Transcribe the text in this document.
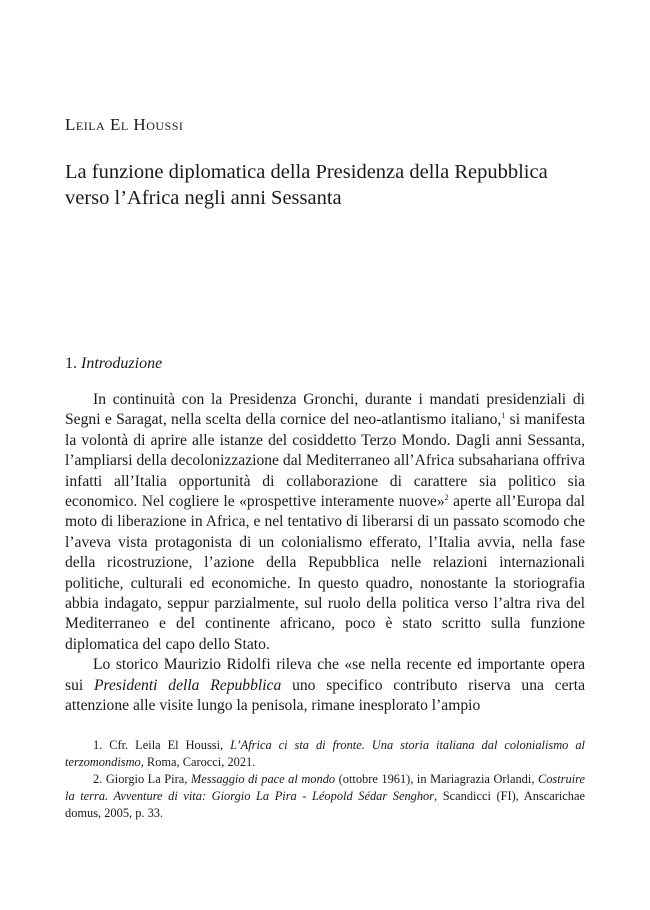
Leila El Houssi
La funzione diplomatica della Presidenza della Repubblica
verso l’Africa negli anni Sessanta
1. Introduzione

In continuità con la Presidenza Gronchi, durante i mandati presidenziali di Segni e Saragat, nella scelta della cornice del neo-atlantismo italiano,$^1$ si manifesta la volontà di aprire alle istanze del cosiddetto Terzo Mondo. Dagli anni Sessanta, l’ampliarsi della decolonizzazione dal Mediterraneo all’Africa subsahariana offriva infatti all’Italia opportunità di collaborazione di carattere sia politico sia economico. Nel cogliere le «prospettive interamente nuove»$^2$ aperte all’Europa dal moto di liberazione in Africa, e nel tentativo di liberarsi di un passato scomodo che l’aveva vista protagonista di un colonialismo efferato, l’Italia avvia, nella fase della ricostruzione, l’azione della Repubblica nelle relazioni internazionali politiche, culturali ed economiche. In questo quadro, nonostante la storiografia abbia indagato, seppur parzialmente, sul ruolo della politica verso l’altra riva del Mediterraneo e del continente africano, poco è stato scritto sulla funzione diplomatica del capo dello Stato.

Lo storico Maurizio Ridolfi rileva che «se nella recente ed importante opera sui Presidenti della Repubblica uno specifico contributo riserva una certa attenzione alle visite lungo la penisola, rimane inesplorato l’ampio

1. Cfr. Leila El Houssi, L’Africa ci sta di fronte. Una storia italiana dal colonialismo al terzomondismo, Roma, Carocci, 2021.

2. Giorgio La Pira, Messaggio di pace al mondo (ottobre 1961), in Mariagrazia Orlandi, Costruire la terra. Avventure di vita: Giorgio La Pira - Léopold Sédar Senghor, Scandicci (FI), Anscarichae domus, 2005, p. 33.
